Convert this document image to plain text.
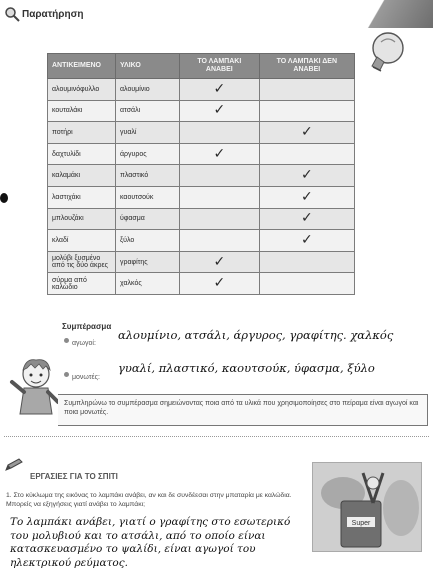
Παρατήρηση
ΑΝΤΙΚΕΙΜΕΝΟ	ΥΛΙΚΟ	ΤΟ ΛΑΜΠΑΚΙ ΑΝΑΒΕΙ	ΤΟ ΛΑΜΠΑΚΙ ΔΕΝ ΑΝΑΒΕΙ
αλουμινόφυλλο	αλουμίνιο	✓	
κουταλάκι	ατσάλι	✓	
ποτήρι	γυαλί		✓
δαχτυλίδι	άργυρος	✓	
καλαμάκι	πλαστικό		✓
λαστιχάκι	καουτσούκ		✓
μπλουζάκι	ύφασμα		✓
κλαδί	ξύλο		✓
μολύβι ξυσμένο από τις δύο άκρες	γραφίτης	✓	
σύρμα από καλώδιο	χαλκός	✓	
Συμπέρασμα
αγωγοί:
αλουμίνιο, ατσάλι, άργυρος, γραφίτης. χαλκός
μονωτές:
γυαλί, πλαστικό, καουτσούκ, ύφασμα, ξύλο
Συμπληρώνω το συμπέρασμα σημειώνοντας ποια από τα υλικά που χρησιμοποίησες στο πείραμα είναι αγωγοί και ποια μονωτές.
ΕΡΓΑΣΙΕΣ ΓΙΑ ΤΟ ΣΠΙΤΙ
1. Στο κύκλωμα της εικόνας το λαμπάκι ανάβει, αν και δε συνδέεσαι στην μπαταρία με καλώδια. Μπορείς να εξηγήσεις γιατί ανάβει το λαμπάκι;
Το λαμπάκι ανάβει, γιατί ο γραφίτης στο εσωτερικό του μολυβιού και το ατσάλι, από το οποίο είναι κατασκευασμένο το ψαλίδι, είναι αγωγοί του ηλεκτρικού ρεύματος.
Super
